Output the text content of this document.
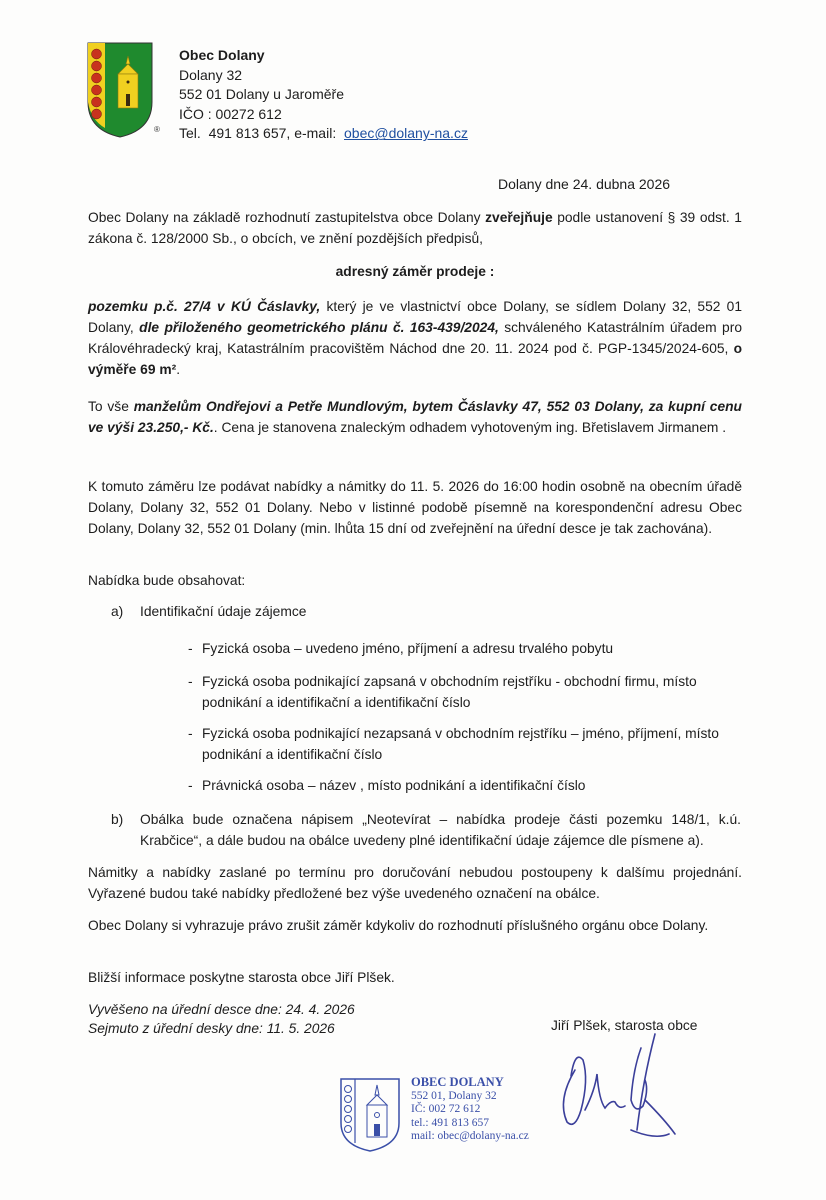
®
Obec Dolany
Dolany 32
552 01 Dolany u Jaroměře
IČO : 00272 612
Tel.  491 813 657, e-mail:  obec@dolany-na.cz
Dolany dne 24. dubna 2026
Obec Dolany na základě rozhodnutí zastupitelstva obce Dolany zveřejňuje podle ustanovení § 39 odst. 1 zákona č. 128/2000 Sb., o obcích, ve znění pozdějších předpisů,
adresný záměr prodeje :
pozemku p.č. 27/4 v KÚ Čáslavky, který je ve vlastnictví obce Dolany, se sídlem Dolany 32, 552 01 Dolany, dle přiloženého geometrického plánu č. 163-439/2024, schváleného Katastrálním úřadem pro Královéhradecký kraj, Katastrálním pracovištěm Náchod dne 20. 11. 2024 pod č. PGP-1345/2024-605, o výměře 69 m².
To vše manželům Ondřejovi a Petře Mundlovým, bytem Čáslavky 47, 552 03 Dolany, za kupní cenu ve výši 23.250,- Kč.. Cena je stanovena znaleckým odhadem vyhotoveným ing. Břetislavem Jirmanem .
K tomuto záměru lze podávat nabídky a námitky do 11. 5. 2026 do 16:00 hodin osobně na obecním úřadě Dolany, Dolany 32, 552 01 Dolany. Nebo v listinné podobě písemně na korespondenční adresu Obec Dolany, Dolany 32, 552 01 Dolany (min. lhůta 15 dní od zveřejnění na úřední desce je tak zachována).
Nabídka bude obsahovat:
a) Identifikační údaje zájemce
- Fyzická osoba – uvedeno jméno, příjmení a adresu trvalého pobytu
- Fyzická osoba podnikající zapsaná v obchodním rejstříku - obchodní firmu, místo podnikání a identifikační a identifikační číslo
- Fyzická osoba podnikající nezapsaná v obchodním rejstříku – jméno, příjmení, místo podnikání a identifikační číslo
- Právnická osoba – název , místo podnikání a identifikační číslo
b) Obálka bude označena nápisem „Neotevírat – nabídka prodeje části pozemku 148/1, k.ú. Krabčice“, a dále budou na obálce uvedeny plné identifikační údaje zájemce dle písmene a).
Námitky a nabídky zaslané po termínu pro doručování nebudou postoupeny k dalšímu projednání. Vyřazené budou také nabídky předložené bez výše uvedeného označení na obálce.
Obec Dolany si vyhrazuje právo zrušit záměr kdykoliv do rozhodnutí příslušného orgánu obce Dolany.
Bližší informace poskytne starosta obce Jiří Plšek.
Vyvěšeno na úřední desce dne: 24. 4. 2026
Sejmuto z úřední desky dne: 11. 5. 2026	Jiří Plšek, starosta obce
OBEC DOLANY
552 01, Dolany 32
IČ: 002 72 612
tel.: 491 813 657
mail: obec@dolany-na.cz
